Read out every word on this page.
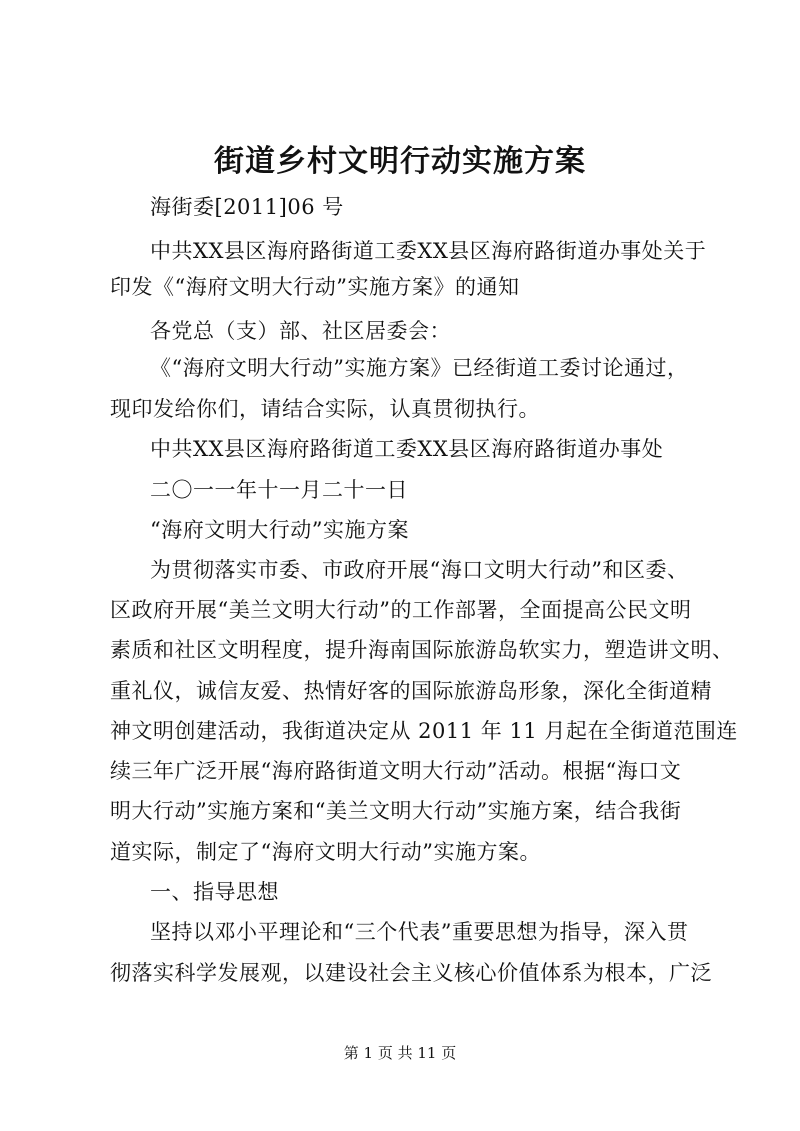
街道乡村文明行动实施方案
海街委[2011]06 号
中共XX县区海府路街道工委XX县区海府路街道办事处关于
印发《“海府文明大行动”实施方案》的通知
各党总（支）部、社区居委会：
《“海府文明大行动”实施方案》已经街道工委讨论通过，
现印发给你们，请结合实际，认真贯彻执行。
中共XX县区海府路街道工委XX县区海府路街道办事处
二〇一一年十一月二十一日
“海府文明大行动”实施方案
为贯彻落实市委、市政府开展“海口文明大行动”和区委、
区政府开展“美兰文明大行动”的工作部署，全面提高公民文明
素质和社区文明程度，提升海南国际旅游岛软实力，塑造讲文明、
重礼仪，诚信友爱、热情好客的国际旅游岛形象，深化全街道精
神文明创建活动，我街道决定从 2011 年 11 月起在全街道范围连
续三年广泛开展“海府路街道文明大行动”活动。根据“海口文
明大行动”实施方案和“美兰文明大行动”实施方案，结合我街
道实际，制定了“海府文明大行动”实施方案。
一、指导思想
坚持以邓小平理论和“三个代表”重要思想为指导，深入贯
彻落实科学发展观，以建设社会主义核心价值体系为根本，广泛
第 1 页 共 11 页
